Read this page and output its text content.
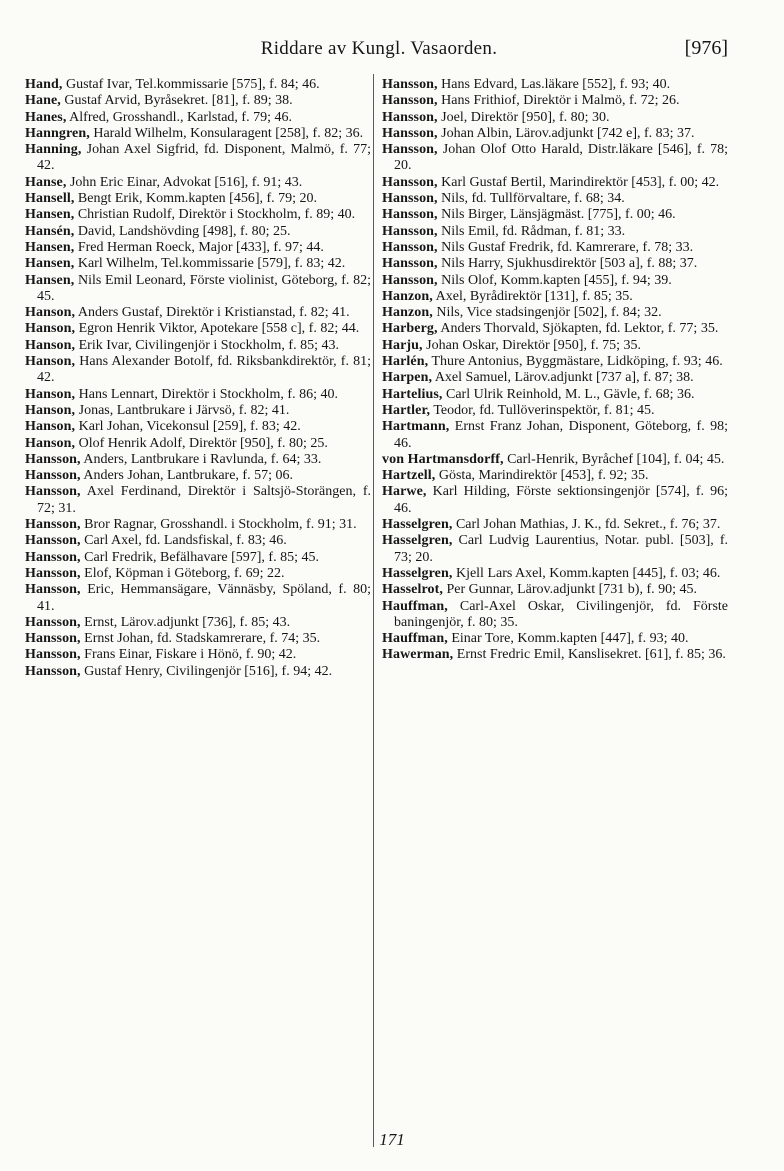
Riddare av Kungl. Vasaorden.	[976]

Hand, Gustaf Ivar, Tel.kommissarie [575], f. 84; 46.

Hane, Gustaf Arvid, Byråsekret. [81], f. 89; 38.

Hanes, Alfred, Grosshandl., Karlstad, f. 79; 46.

Hanngren, Harald Wilhelm, Konsularagent [258], f. 82; 36.

Hanning, Johan Axel Sigfrid, fd. Disponent, Malmö, f. 77; 42.

Hanse, John Eric Einar, Advokat [516], f. 91; 43.

Hansell, Bengt Erik, Komm.kapten [456], f. 79; 20.

Hansen, Christian Rudolf, Direktör i Stockholm, f. 89; 40.

Hansén, David, Landshövding [498], f. 80; 25.

Hansen, Fred Herman Roeck, Major [433], f. 97; 44.

Hansen, Karl Wilhelm, Tel.kommissarie [579], f. 83; 42.

Hansen, Nils Emil Leonard, Förste violinist, Göteborg, f. 82; 45.

Hanson, Anders Gustaf, Direktör i Kristianstad, f. 82; 41.

Hanson, Egron Henrik Viktor, Apotekare [558 c], f. 82; 44.

Hanson, Erik Ivar, Civilingenjör i Stockholm, f. 85; 43.

Hanson, Hans Alexander Botolf, fd. Riksbankdirektör, f. 81; 42.

Hanson, Hans Lennart, Direktör i Stockholm, f. 86; 40.

Hanson, Jonas, Lantbrukare i Järvsö, f. 82; 41.

Hanson, Karl Johan, Vicekonsul [259], f. 83; 42.

Hanson, Olof Henrik Adolf, Direktör [950], f. 80; 25.

Hansson, Anders, Lantbrukare i Ravlunda, f. 64; 33.

Hansson, Anders Johan, Lantbrukare, f. 57; 06.

Hansson, Axel Ferdinand, Direktör i Saltsjö-Storängen, f. 72; 31.

Hansson, Bror Ragnar, Grosshandl. i Stockholm, f. 91; 31.

Hansson, Carl Axel, fd. Landsfiskal, f. 83; 46.

Hansson, Carl Fredrik, Befälhavare [597], f. 85; 45.

Hansson, Elof, Köpman i Göteborg, f. 69; 22.

Hansson, Eric, Hemmansägare, Vännäsby, Spöland, f. 80; 41.

Hansson, Ernst, Lärov.adjunkt [736], f. 85; 43.

Hansson, Ernst Johan, fd. Stadskamrerare, f. 74; 35.

Hansson, Frans Einar, Fiskare i Hönö, f. 90; 42.

Hansson, Gustaf Henry, Civilingenjör [516], f. 94; 42.

Hansson, Hans Edvard, Las.läkare [552], f. 93; 40.

Hansson, Hans Frithiof, Direktör i Malmö, f. 72; 26.

Hansson, Joel, Direktör [950], f. 80; 30.

Hansson, Johan Albin, Lärov.adjunkt [742 e], f. 83; 37.

Hansson, Johan Olof Otto Harald, Distr.läkare [546], f. 78; 20.

Hansson, Karl Gustaf Bertil, Marindirektör [453], f. 00; 42.

Hansson, Nils, fd. Tullförvaltare, f. 68; 34.

Hansson, Nils Birger, Länsjägmäst. [775], f. 00; 46.

Hansson, Nils Emil, fd. Rådman, f. 81; 33.

Hansson, Nils Gustaf Fredrik, fd. Kamrerare, f. 78; 33.

Hansson, Nils Harry, Sjukhusdirektör [503 a], f. 88; 37.

Hansson, Nils Olof, Komm.kapten [455], f. 94; 39.

Hanzon, Axel, Byrådirektör [131], f. 85; 35.

Hanzon, Nils, Vice stadsingenjör [502], f. 84; 32.

Harberg, Anders Thorvald, Sjökapten, fd. Lektor, f. 77; 35.

Harju, Johan Oskar, Direktör [950], f. 75; 35.

Harlén, Thure Antonius, Byggmästare, Lidköping, f. 93; 46.

Harpen, Axel Samuel, Lärov.adjunkt [737 a], f. 87; 38.

Hartelius, Carl Ulrik Reinhold, M. L., Gävle, f. 68; 36.

Hartler, Teodor, fd. Tullöverinspektör, f. 81; 45.

Hartmann, Ernst Franz Johan, Disponent, Göteborg, f. 98; 46.

von Hartmansdorff, Carl-Henrik, Byråchef [104], f. 04; 45.

Hartzell, Gösta, Marindirektör [453], f. 92; 35.

Harwe, Karl Hilding, Förste sektionsingenjör [574], f. 96; 46.

Hasselgren, Carl Johan Mathias, J. K., fd. Sekret., f. 76; 37.

Hasselgren, Carl Ludvig Laurentius, Notar. publ. [503], f. 73; 20.

Hasselgren, Kjell Lars Axel, Komm.kapten [445], f. 03; 46.

Hasselrot, Per Gunnar, Lärov.adjunkt [731 b), f. 90; 45.

Hauffman, Carl-Axel Oskar, Civilingenjör, fd. Förste baningenjör, f. 80; 35.

Hauffman, Einar Tore, Komm.kapten [447], f. 93; 40.

Hawerman, Ernst Fredric Emil, Kanslisekret. [61], f. 85; 36.

171
